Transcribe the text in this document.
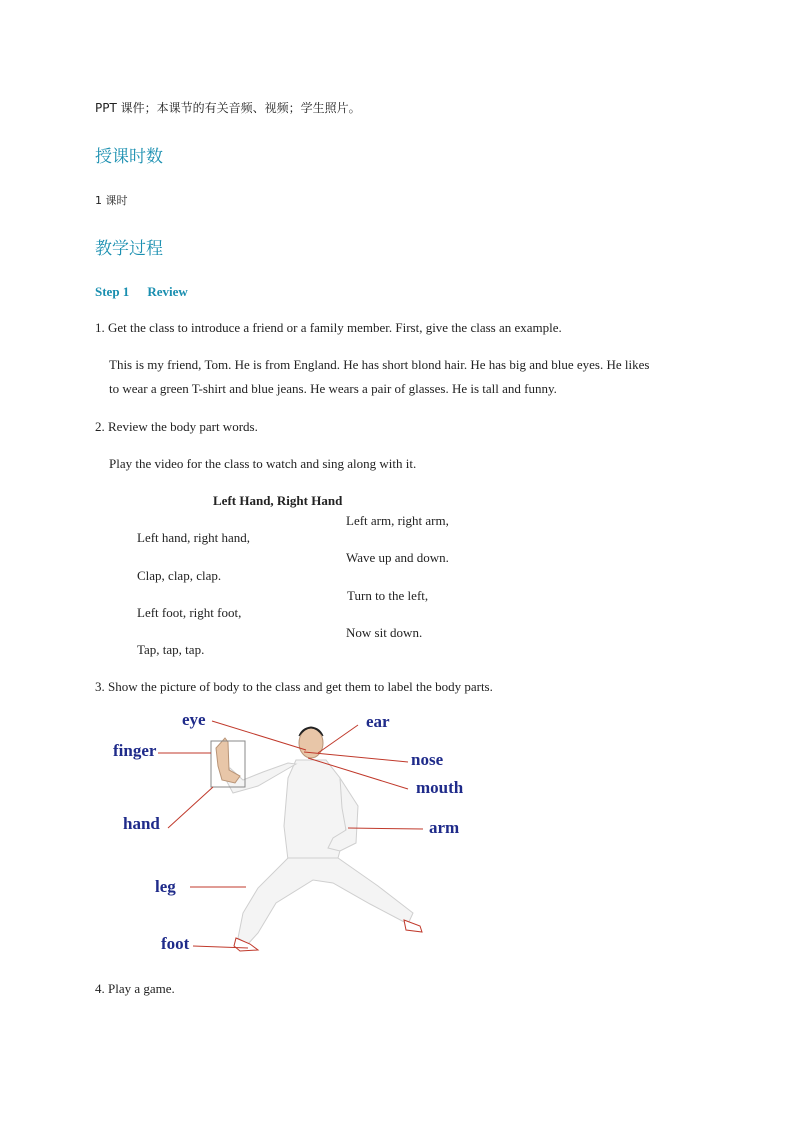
PPT 课件；本课节的有关音频、视频；学生照片。
授课时数
1 课时
教学过程
Step 1 Review
1. Get the class to introduce a friend or a family member. First, give the class an example.
This is my friend, Tom. He is from England. He has short blond hair. He has big and blue eyes. He likes
to wear a green T-shirt and blue jeans. He wears a pair of glasses. He is tall and funny.
2. Review the body part words.
Play the video for the class to watch and sing along with it.
Left Hand, Right Hand
Left arm, right arm,
Left hand, right hand,
Wave up and down.
Clap, clap, clap.
Turn to the left,
Left foot, right foot,
Now sit down.
Tap, tap, tap.
3. Show the picture of body to the class and get them to label the body parts.
eye	ear
finger	nose
mouth
hand	arm
leg
foot
4. Play a game.
